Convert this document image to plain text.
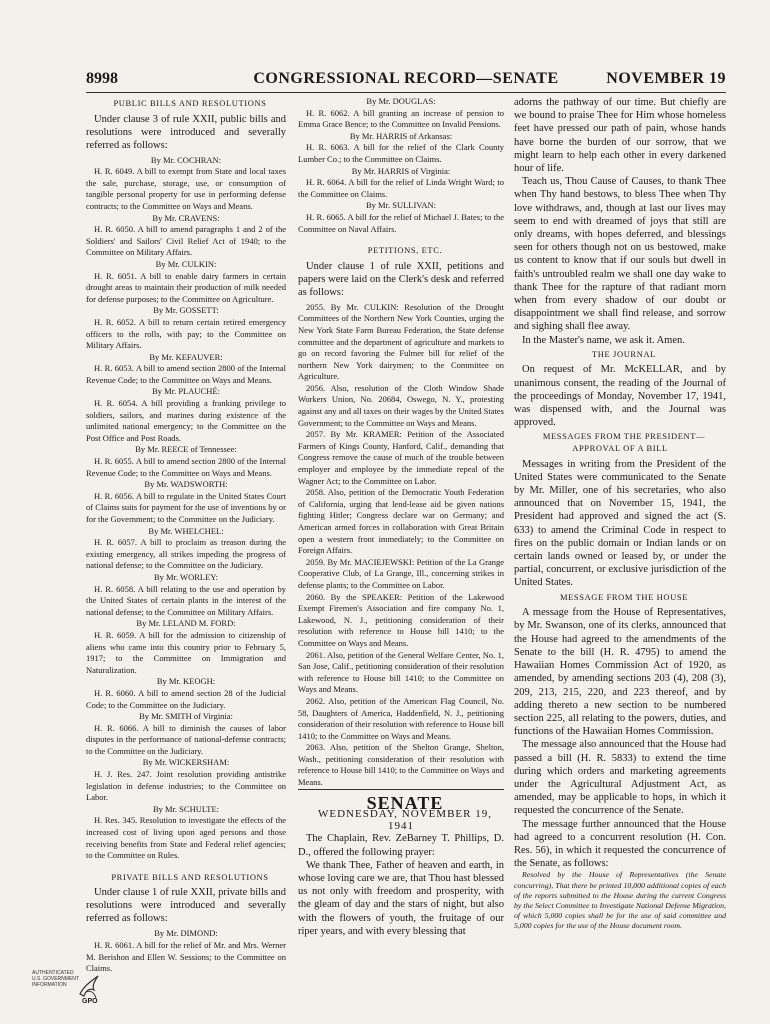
8998	CONGRESSIONAL RECORD—SENATE	NOVEMBER 19

PUBLIC BILLS AND RESOLUTIONS

Under clause 3 of rule XXII, public bills and resolutions were introduced and severally referred as follows:

By Mr. COCHRAN:

H. R. 6049. A bill to exempt from State and local taxes the sale, purchase, storage, use, or consumption of tangible personal property for use in performing defense contracts; to the Committee on Ways and Means.

By Mr. CRAVENS:

H. R. 6050. A bill to amend paragraphs 1 and 2 of the Soldiers' and Sailors' Civil Relief Act of 1940; to the Committee on Military Affairs.

By Mr. CULKIN:

H. R. 6051. A bill to enable dairy farmers in certain drought areas to maintain their production of milk needed for defense purposes; to the Committee on Agriculture.

By Mr. GOSSETT:

H. R. 6052. A bill to return certain retired emergency officers to the rolls, with pay; to the Committee on Military Affairs.

By Mr. KEFAUVER:

H. R. 6053. A bill to amend section 2800 of the Internal Revenue Code; to the Committee on Ways and Means.

By Mr. PLAUCHÉ:

H. R. 6054. A bill providing a franking privilege to soldiers, sailors, and marines during existence of the unlimited national emergency; to the Committee on the Post Office and Post Roads.

By Mr. REECE of Tennessee:

H. R. 6055. A bill to amend section 2800 of the Internal Revenue Code; to the Committee on Ways and Means.

By Mr. WADSWORTH:

H. R. 6056. A bill to regulate in the United States Court of Claims suits for payment for the use of inventions by or for the Government; to the Committee on the Judiciary.

By Mr. WHELCHEL:

H. R. 6057. A bill to proclaim as treason during the existing emergency, all strikes impeding the progress of national defense; to the Committee on the Judiciary.

By Mr. WORLEY:

H. R. 6058. A bill relating to the use and operation by the United States of certain plants in the interest of the national defense; to the Committee on Military Affairs.

By Mr. LELAND M. FORD:

H. R. 6059. A bill for the admission to citizenship of aliens who came into this country prior to February 5, 1917; to the Committee on Immigration and Naturalization.

By Mr. KEOGH:

H. R. 6060. A bill to amend section 28 of the Judicial Code; to the Committee on the Judiciary.

By Mr. SMITH of Virginia:

H. R. 6066. A bill to diminish the causes of labor disputes in the performance of national-defense contracts; to the Committee on the Judiciary.

By Mr. WICKERSHAM:

H. J. Res. 247. Joint resolution providing antistrike legislation in defense industries; to the Committee on Labor.

By Mr. SCHULTE:

H. Res. 345. Resolution to investigate the effects of the increased cost of living upon aged persons and those receiving benefits from State and Federal relief agencies; to the Committee on Rules.

PRIVATE BILLS AND RESOLUTIONS

Under clause 1 of rule XXII, private bills and resolutions were introduced and severally referred as follows:

By Mr. DIMOND:

H. R. 6061. A bill for the relief of Mr. and Mrs. Werner M. Berishon and Ellen W. Sessions; to the Committee on Claims.

By Mr. DOUGLAS:

H. R. 6062. A bill granting an increase of pension to Emma Grace Bence; to the Committee on Invalid Pensions.

By Mr. HARRIS of Arkansas:

H. R. 6063. A bill for the relief of the Clark County Lumber Co.; to the Committee on Claims.

By Mr. HARRIS of Virginia:

H. R. 6064. A bill for the relief of Linda Wright Ward; to the Committee on Claims.

By Mr. SULLIVAN:

H. R. 6065. A bill for the relief of Michael J. Bates; to the Committee on Naval Affairs.

PETITIONS, ETC.

Under clause 1 of rule XXII, petitions and papers were laid on the Clerk's desk and referred as follows:

2055. By Mr. CULKIN: Resolution of the Drought Committees of the Northern New York Counties, urging the New York State Farm Bureau Federation, the State defense committee and the department of agriculture and markets to go on record favoring the Fulmer bill for relief of the northern New York dairymen; to the Committee on Agriculture.

2056. Also, resolution of the Cloth Window Shade Workers Union, No. 20684, Oswego, N. Y., protesting against any and all taxes on their wages by the United States Government; to the Committee on Ways and Means.

2057. By Mr. KRAMER: Petition of the Associated Farmers of Kings County, Hanford, Calif., demanding that Congress remove the cause of much of the trouble between employer and employee by the immediate repeal of the Wagner Act; to the Committee on Labor.

2058. Also, petition of the Democratic Youth Federation of California, urging that lend-lease aid be given nations fighting Hitler; Congress declare war on Germany; and American armed forces in collaboration with Great Britain open a western front immediately; to the Committee on Foreign Affairs.

2059. By Mr. MACIEJEWSKI: Petition of the La Grange Cooperative Club, of La Grange, Ill., concerning strikes in defense plants; to the Committee on Labor.

2060. By the SPEAKER: Petition of the Lakewood Exempt Firemen's Association and fire company No. 1, Lakewood, N. J., petitioning consideration of their resolution with reference to House bill 1410; to the Committee on Ways and Means.

2061. Also, petition of the General Welfare Center, No. 1, San Jose, Calif., petitioning consideration of their resolution with reference to House bill 1410; to the Committee on Ways and Means.

2062. Also, petition of the American Flag Council, No. 58, Daughters of America, Haddenfield, N. J., petitioning consideration of their resolution with reference to House bill 1410; to the Committee on Ways and Means.

2063. Also, petition of the Shelton Grange, Shelton, Wash., petitioning consideration of their resolution with reference to House bill 1410; to the Committee on Ways and Means.

SENATE

WEDNESDAY, NOVEMBER 19, 1941

The Chaplain, Rev. ZeBarney T. Phillips, D. D., offered the following prayer:

We thank Thee, Father of heaven and earth, in whose loving care we are, that Thou hast blessed us not only with freedom and prosperity, with the gleam of day and the stars of night, but also with the flowers of youth, the fruitage of our riper years, and with every blessing that

adorns the pathway of our time. But chiefly are we bound to praise Thee for Him whose homeless feet have pressed our path of pain, whose hands have borne the burden of our sorrow, that we might learn to help each other in every darkened hour of life.

Teach us, Thou Cause of Causes, to thank Thee when Thy hand bestows, to bless Thee when Thy love withdraws, and, though at last our lives may seem to end with dreamed of joys that still are only dreams, with hopes deferred, and blessings seen for others though not on us bestowed, make us content to know that if our souls but dwell in faith's untroubled realm we shall one day wake to thank Thee for the rapture of that radiant morn when from every shadow of our doubt or disappointment we shall find release, and sorrow and sighing shall flee away.

In the Master's name, we ask it. Amen.

THE JOURNAL

On request of Mr. McKELLAR, and by unanimous consent, the reading of the Journal of the proceedings of Monday, November 17, 1941, was dispensed with, and the Journal was approved.

MESSAGES FROM THE PRESIDENT—APPROVAL OF A BILL

Messages in writing from the President of the United States were communicated to the Senate by Mr. Miller, one of his secretaries, who also announced that on November 15, 1941, the President had approved and signed the act (S. 633) to amend the Criminal Code in respect to fires on the public domain or Indian lands or on certain lands owned or leased by, or under the partial, concurrent, or exclusive jurisdiction of the United States.

MESSAGE FROM THE HOUSE

A message from the House of Representatives, by Mr. Swanson, one of its clerks, announced that the House had agreed to the amendments of the Senate to the bill (H. R. 4795) to amend the Hawaiian Homes Commission Act of 1920, as amended, by amending sections 203 (4), 208 (3), 209, 213, 215, 220, and 223 thereof, and by adding thereto a new section to be numbered section 225, all relating to the powers, duties, and functions of the Hawaiian Homes Commission.

The message also announced that the House had passed a bill (H. R. 5833) to extend the time during which orders and marketing agreements under the Agricultural Adjustment Act, as amended, may be applicable to hops, in which it requested the concurrence of the Senate.

The message further announced that the House had agreed to a concurrent resolution (H. Con. Res. 56), in which it requested the concurrence of the Senate, as follows:

Resolved by the House of Representatives (the Senate concurring), That there be printed 10,000 additional copies of each of the reports submitted to the House during the current Congress by the Select Committee to Investigate National Defense Migration, of which 5,000 copies shall be for the use of said committee and 5,000 copies for the use of the House document room.

AUTHENTICATED
U.S. GOVERNMENT
INFORMATION
GPO
